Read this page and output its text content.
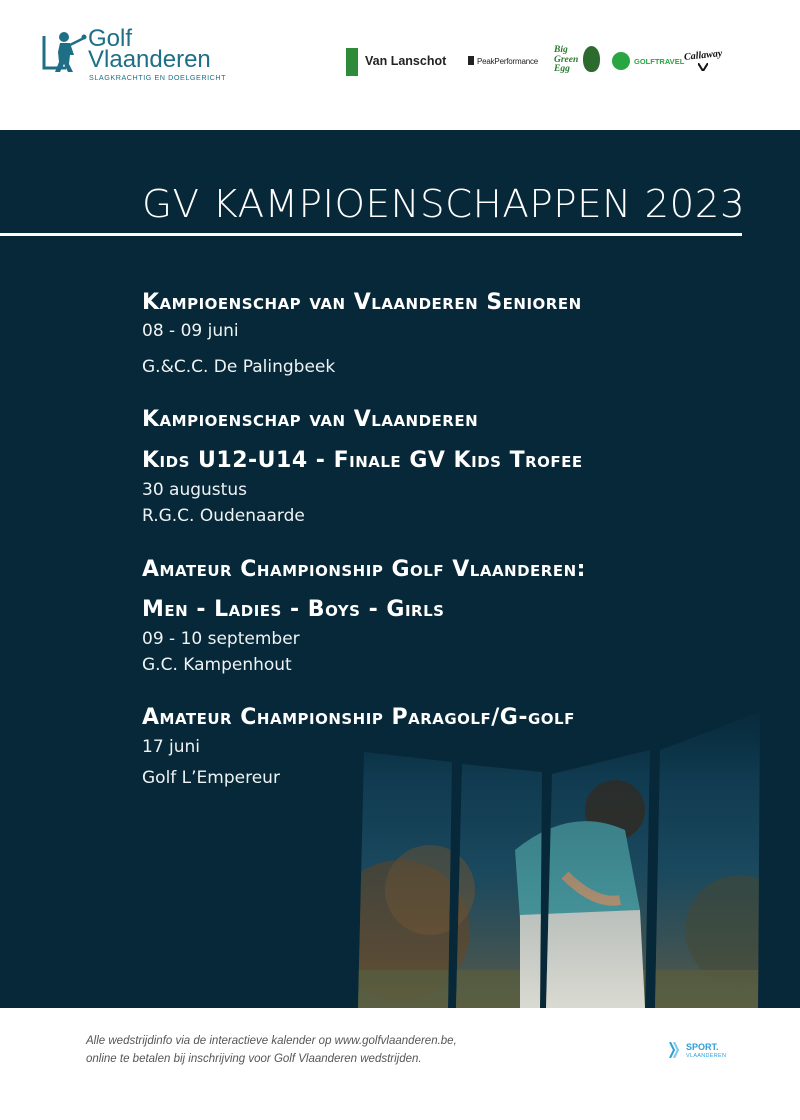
Golf
Vlaanderen
SLAGKRACHTIG EN DOELGERICHT
Van Lanschot	PeakPerformance
Big
Green
Egg
GOLFTRAVEL Callaway
GV KAMPIOENSCHAPPEN 2023
Kampioenschap van Vlaanderen Senioren
08 - 09 juni
G.&C.C. De Palingbeek
Kampioenschap van Vlaanderen
Kids U12-U14 - Finale GV Kids Trofee
30 augustus
R.G.C. Oudenaarde
Amateur Championship Golf Vlaanderen:
Men - Ladies - Boys - Girls
09 - 10 september
G.C. Kampenhout
Amateur Championship Paragolf/G-golf
17 juni
Golf L’Empereur
Alle wedstrijdinfo via de interactieve kalender op www.golfvlaanderen.be,
online te betalen bij inschrijving voor Golf Vlaanderen wedstrijden.
SPORT.
VLAANDEREN
